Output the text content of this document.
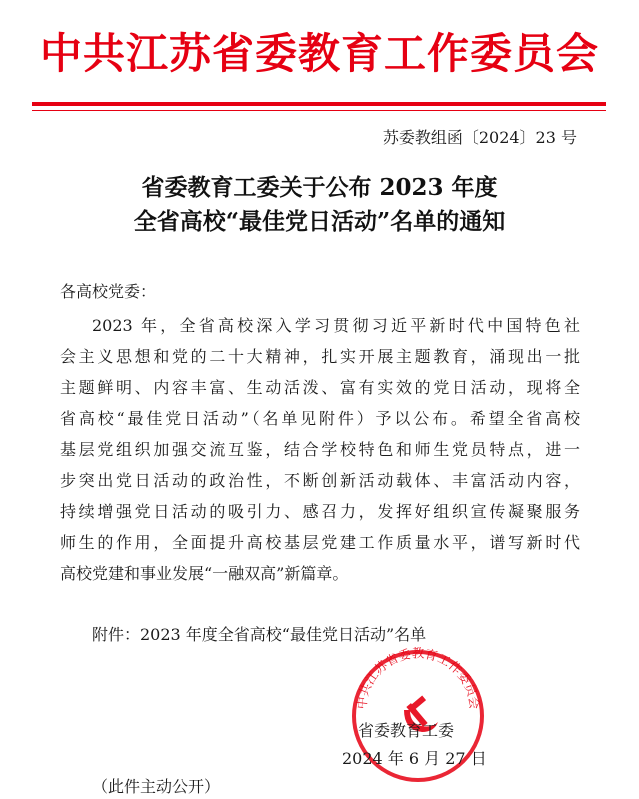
中共江苏省委教育工作委员会
苏委教组函〔2024〕23 号
省委教育工委关于公布 2023 年度
全省高校“最佳党日活动”名单的通知
各高校党委：
2023 年，全省高校深入学习贯彻习近平新时代中国特色社
会主义思想和党的二十大精神，扎实开展主题教育，涌现出一批
主题鲜明、内容丰富、生动活泼、富有实效的党日活动，现将全
省高校“最佳党日活动”（名单见附件）予以公布。希望全省高校
基层党组织加强交流互鉴，结合学校特色和师生党员特点，进一
步突出党日活动的政治性，不断创新活动载体、丰富活动内容，
持续增强党日活动的吸引力、感召力，发挥好组织宣传凝聚服务
师生的作用，全面提升高校基层党建工作质量水平，谱写新时代
高校党建和事业发展“一融双高”新篇章。
附件：2023 年度全省高校“最佳党日活动”名单
中共江苏省委教育工作委员会
省委教育工委
2024 年 6 月 27 日
（此件主动公开）
